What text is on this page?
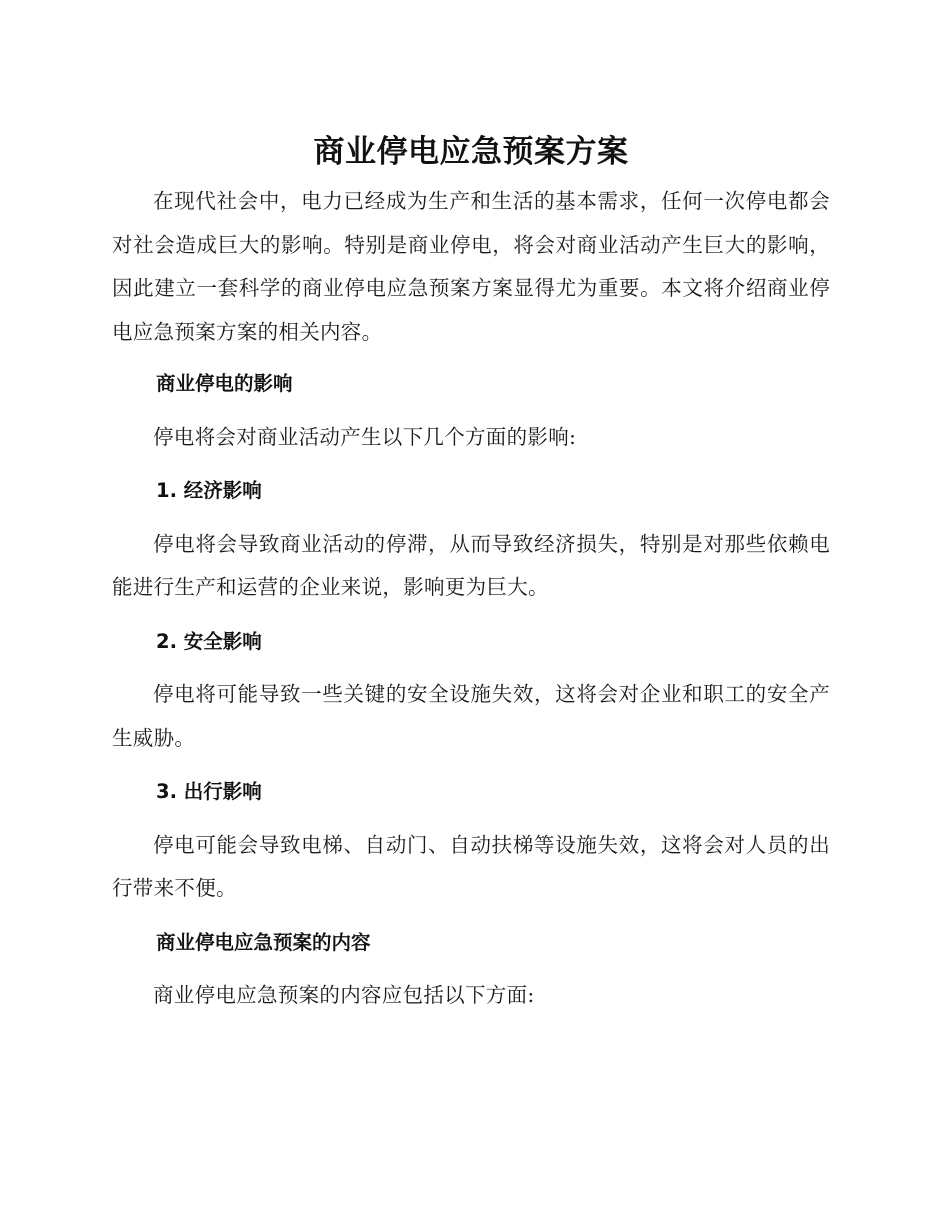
商业停电应急预案方案

在现代社会中，电力已经成为生产和生活的基本需求，任何一次停电都会对社会造成巨大的影响。特别是商业停电，将会对商业活动产生巨大的影响，因此建立一套科学的商业停电应急预案方案显得尤为重要。本文将介绍商业停电应急预案方案的相关内容。

商业停电的影响

停电将会对商业活动产生以下几个方面的影响:

1. 经济影响

停电将会导致商业活动的停滞，从而导致经济损失，特别是对那些依赖电能进行生产和运营的企业来说，影响更为巨大。

2. 安全影响

停电将可能导致一些关键的安全设施失效，这将会对企业和职工的安全产生威胁。

3. 出行影响

停电可能会导致电梯、自动门、自动扶梯等设施失效，这将会对人员的出行带来不便。

商业停电应急预案的内容

商业停电应急预案的内容应包括以下方面:
